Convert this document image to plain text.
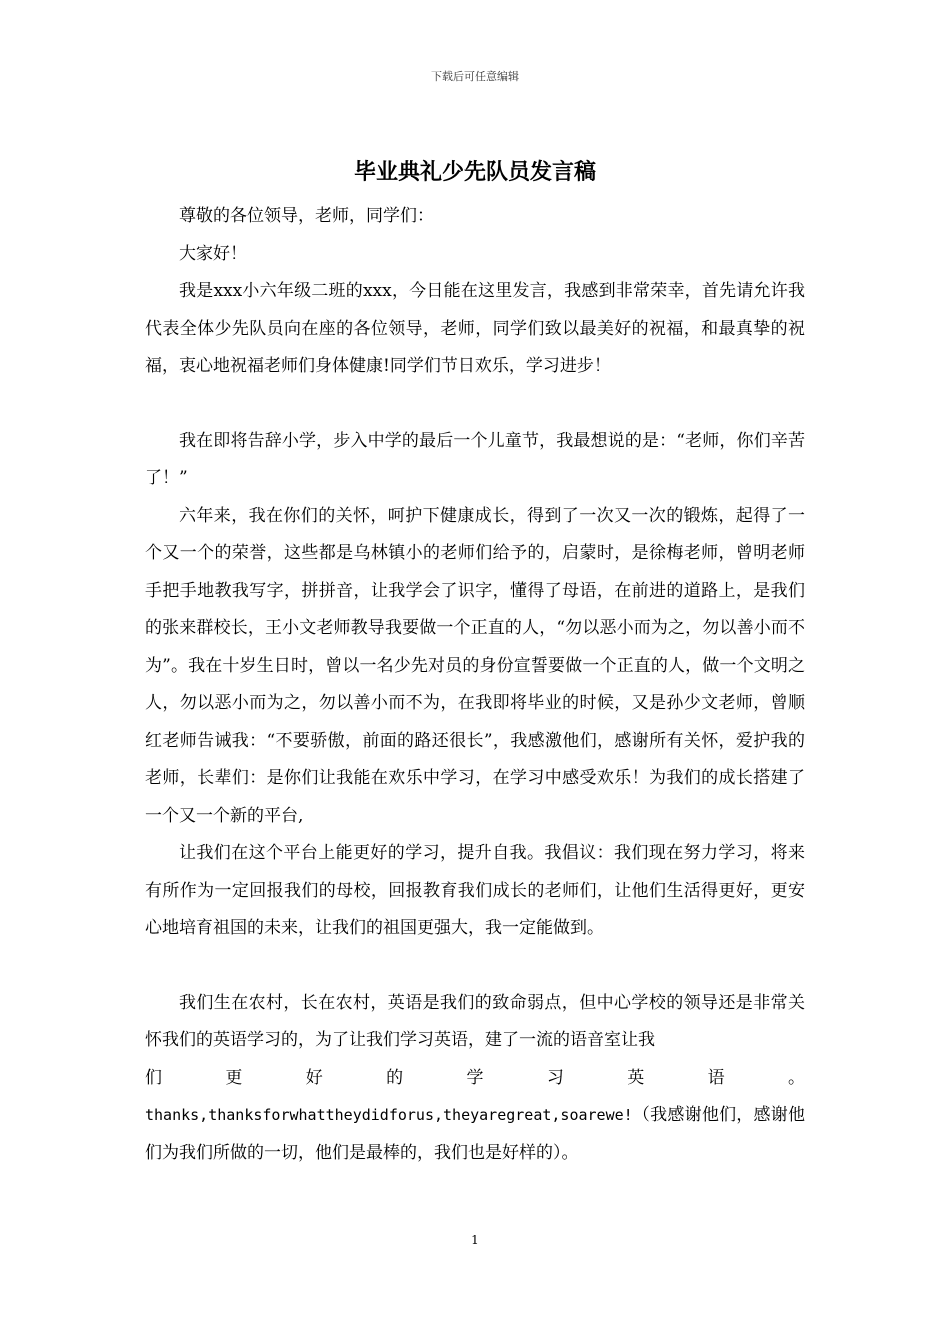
下载后可任意编辑
毕业典礼少先队员发言稿

尊敬的各位领导，老师，同学们：

大家好！

我是xxx小六年级二班的xxx，今日能在这里发言，我感到非常荣幸，首先请允许我代表全体少先队员向在座的各位领导，老师，同学们致以最美好的祝福，和最真挚的祝福，衷心地祝福老师们身体健康!同学们节日欢乐，学习进步！

我在即将告辞小学，步入中学的最后一个儿童节，我最想说的是：“老师，你们辛苦了！”

六年来，我在你们的关怀，呵护下健康成长，得到了一次又一次的锻炼，起得了一个又一个的荣誉，这些都是乌林镇小的老师们给予的，启蒙时，是徐梅老师，曾明老师手把手地教我写字，拼拼音，让我学会了识字，懂得了母语，在前进的道路上，是我们的张来群校长，王小文老师教导我要做一个正直的人，“勿以恶小而为之，勿以善小而不为”。我在十岁生日时，曾以一名少先对员的身份宣誓要做一个正直的人，做一个文明之人，勿以恶小而为之，勿以善小而不为，在我即将毕业的时候，又是孙少文老师，曾顺红老师告诫我：“不要骄傲，前面的路还很长”，我感激他们，感谢所有关怀，爱护我的老师，长辈们：是你们让我能在欢乐中学习，在学习中感受欢乐！为我们的成长搭建了一个又一个新的平台,

让我们在这个平台上能更好的学习，提升自我。我倡议：我们现在努力学习，将来有所作为一定回报我们的母校，回报教育我们成长的老师们，让他们生活得更好，更安心地培育祖国的未来，让我们的祖国更强大，我一定能做到。

我们生在农村，长在农村，英语是我们的致命弱点，但中心学校的领导还是非常关怀我们的英语学习的，为了让我们学习英语，建了一流的语音室让我

们 更 好 的 学 习 英 语 。

thanks,thanksforwhattheydidforus,theyaregreat,soarewe!（我感谢他们，感谢他们为我们所做的一切，他们是最棒的，我们也是好样的）。

1
